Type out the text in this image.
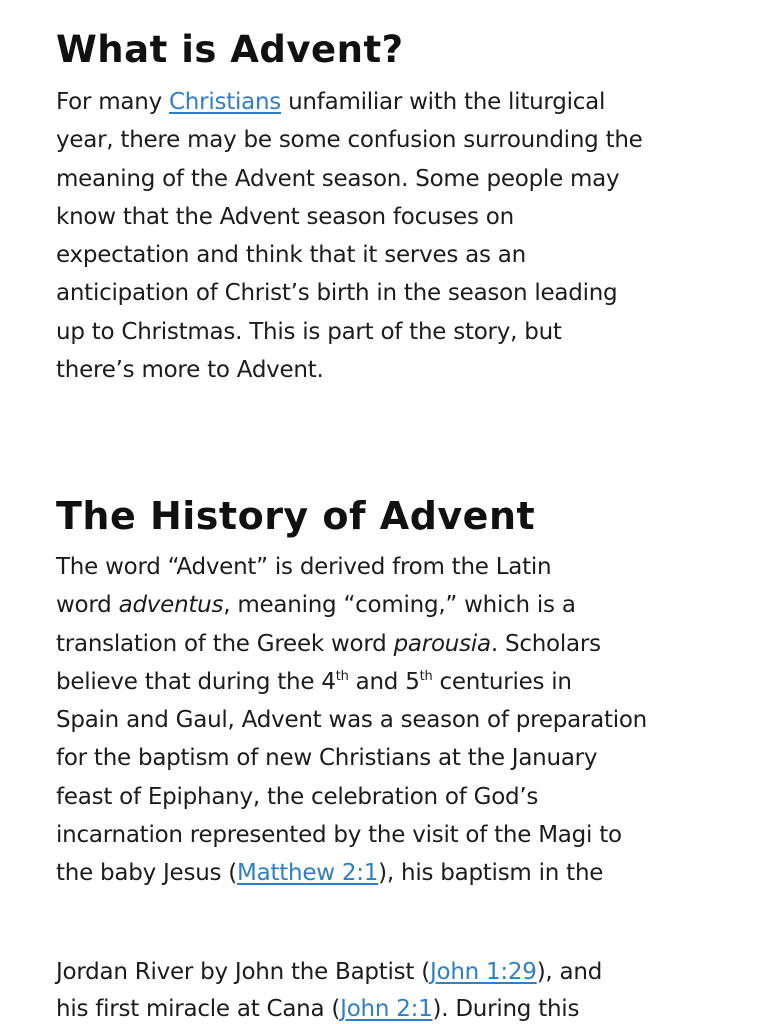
What is Advent?

For many Christians unfamiliar with the liturgical
year, there may be some confusion surrounding the
meaning of the Advent season. Some people may
know that the Advent season focuses on
expectation and think that it serves as an
anticipation of Christ’s birth in the season leading
up to Christmas. This is part of the story, but
there’s more to Advent.

The History of Advent

The word “Advent” is derived from the Latin
word adventus, meaning “coming,” which is a
translation of the Greek word parousia. Scholars
believe that during the 4th and 5th centuries in
Spain and Gaul, Advent was a season of preparation
for the baptism of new Christians at the January
feast of Epiphany, the celebration of God’s
incarnation represented by the visit of the Magi to
the baby Jesus (Matthew 2:1), his baptism in the

Jordan River by John the Baptist (John 1:29), and
his first miracle at Cana (John 2:1). During this
